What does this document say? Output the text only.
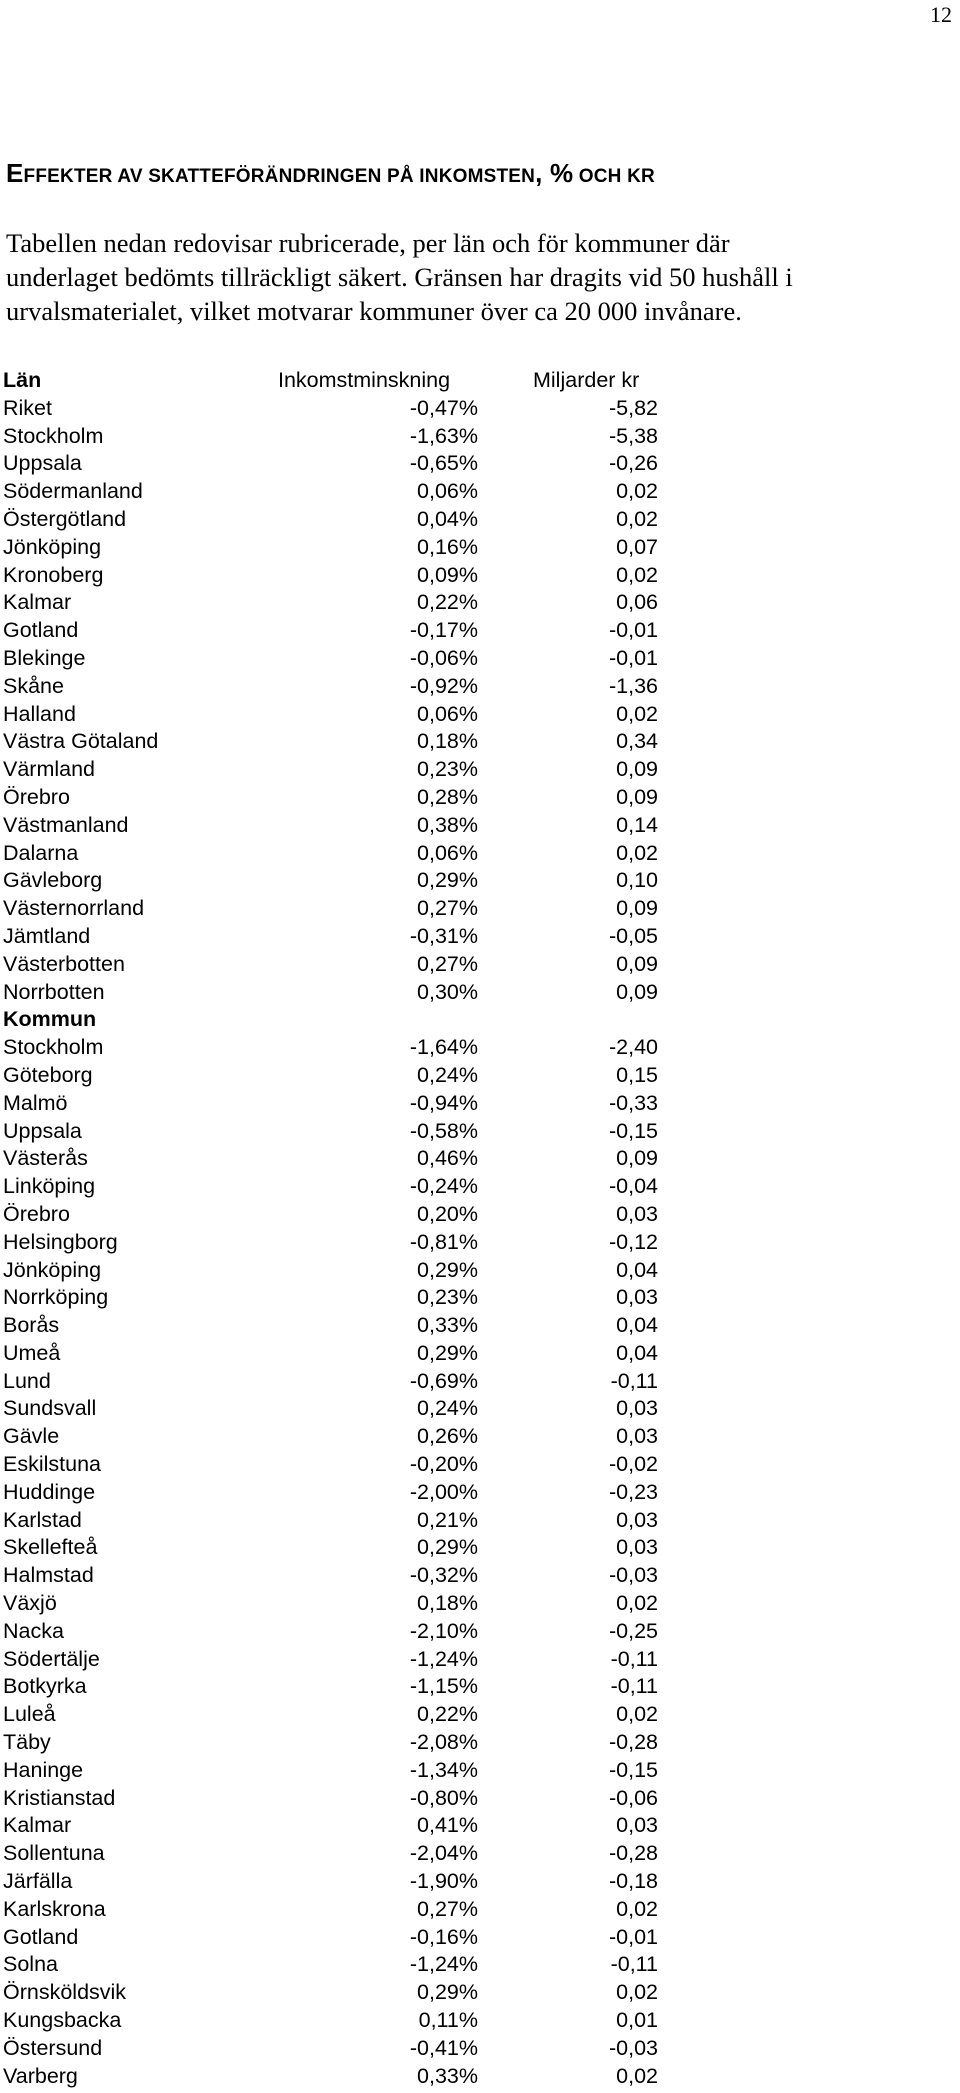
12
EFFEKTER AV SKATTEFÖRÄNDRINGEN PÅ INKOMSTEN, % OCH KR
Tabellen nedan redovisar rubricerade, per län och för kommuner där
underlaget bedömts tillräckligt säkert. Gränsen har dragits vid 50 hushåll i
urvalsmaterialet, vilket motvarar kommuner över ca 20 000 invånare.
Län	Inkomstminskning	Miljarder kr
Riket	-0,47%	-5,82
Stockholm	-1,63%	-5,38
Uppsala	-0,65%	-0,26
Södermanland	0,06%	0,02
Östergötland	0,04%	0,02
Jönköping	0,16%	0,07
Kronoberg	0,09%	0,02
Kalmar	0,22%	0,06
Gotland	-0,17%	-0,01
Blekinge	-0,06%	-0,01
Skåne	-0,92%	-1,36
Halland	0,06%	0,02
Västra Götaland	0,18%	0,34
Värmland	0,23%	0,09
Örebro	0,28%	0,09
Västmanland	0,38%	0,14
Dalarna	0,06%	0,02
Gävleborg	0,29%	0,10
Västernorrland	0,27%	0,09
Jämtland	-0,31%	-0,05
Västerbotten	0,27%	0,09
Norrbotten	0,30%	0,09
Kommun
Stockholm	-1,64%	-2,40
Göteborg	0,24%	0,15
Malmö	-0,94%	-0,33
Uppsala	-0,58%	-0,15
Västerås	0,46%	0,09
Linköping	-0,24%	-0,04
Örebro	0,20%	0,03
Helsingborg	-0,81%	-0,12
Jönköping	0,29%	0,04
Norrköping	0,23%	0,03
Borås	0,33%	0,04
Umeå	0,29%	0,04
Lund	-0,69%	-0,11
Sundsvall	0,24%	0,03
Gävle	0,26%	0,03
Eskilstuna	-0,20%	-0,02
Huddinge	-2,00%	-0,23
Karlstad	0,21%	0,03
Skellefteå	0,29%	0,03
Halmstad	-0,32%	-0,03
Växjö	0,18%	0,02
Nacka	-2,10%	-0,25
Södertälje	-1,24%	-0,11
Botkyrka	-1,15%	-0,11
Luleå	0,22%	0,02
Täby	-2,08%	-0,28
Haninge	-1,34%	-0,15
Kristianstad	-0,80%	-0,06
Kalmar	0,41%	0,03
Sollentuna	-2,04%	-0,28
Järfälla	-1,90%	-0,18
Karlskrona	0,27%	0,02
Gotland	-0,16%	-0,01
Solna	-1,24%	-0,11
Örnsköldsvik	0,29%	0,02
Kungsbacka	0,11%	0,01
Östersund	-0,41%	-0,03
Varberg	0,33%	0,02
